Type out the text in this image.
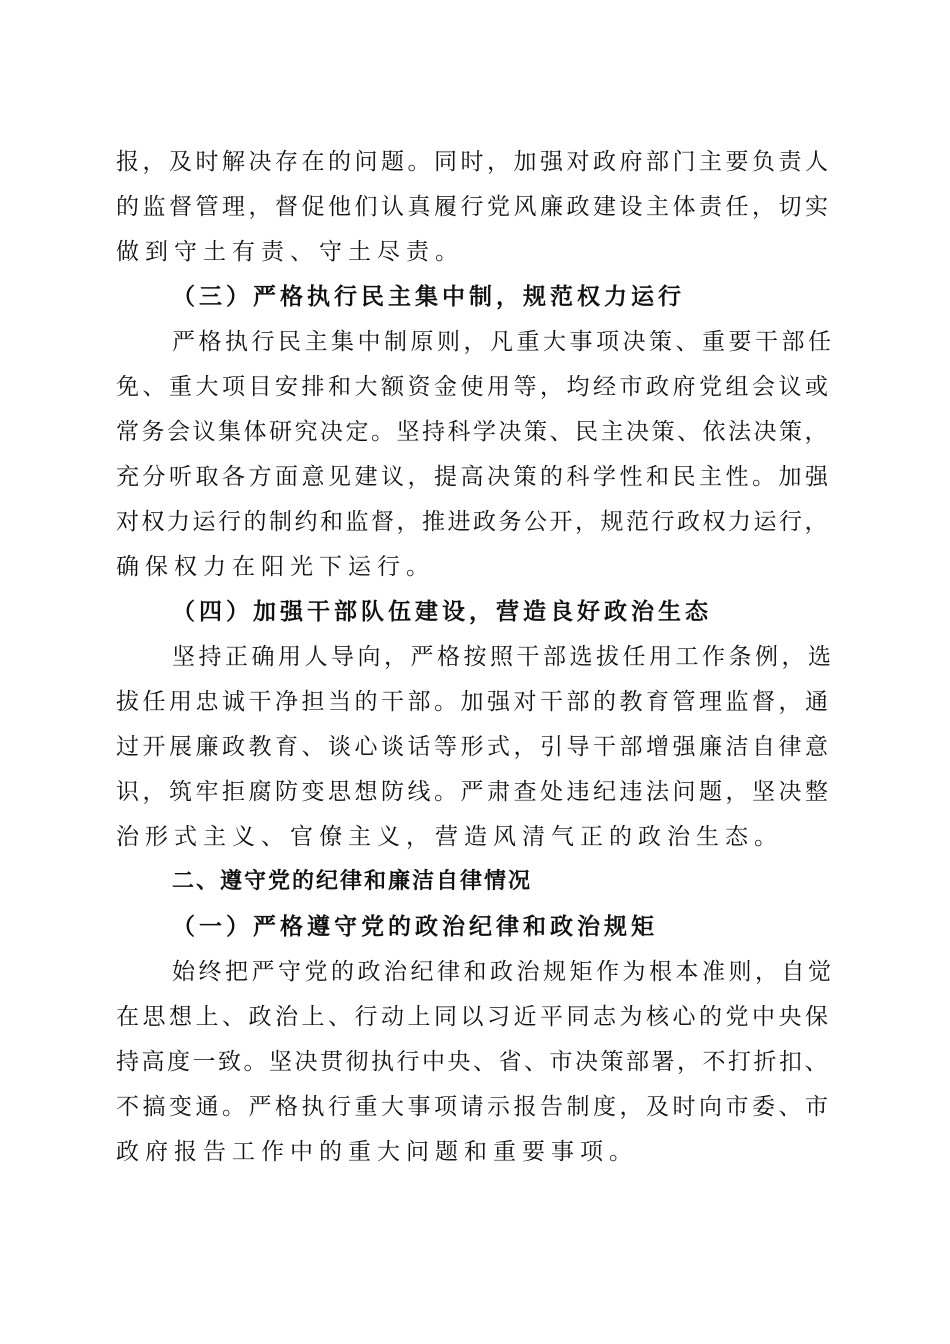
报，及时解决存在的问题。同时，加强对政府部门主要负责人
的监督管理，督促他们认真履行党风廉政建设主体责任，切实
做到守土有责、守土尽责。
（三）严格执行民主集中制，规范权力运行
严格执行民主集中制原则，凡重大事项决策、重要干部任
免、重大项目安排和大额资金使用等，均经市政府党组会议或
常务会议集体研究决定。坚持科学决策、民主决策、依法决策，
充分听取各方面意见建议，提高决策的科学性和民主性。加强
对权力运行的制约和监督，推进政务公开，规范行政权力运行，
确保权力在阳光下运行。
（四）加强干部队伍建设，营造良好政治生态
坚持正确用人导向，严格按照干部选拔任用工作条例，选
拔任用忠诚干净担当的干部。加强对干部的教育管理监督，通
过开展廉政教育、谈心谈话等形式，引导干部增强廉洁自律意
识，筑牢拒腐防变思想防线。严肃查处违纪违法问题，坚决整
治形式主义、官僚主义，营造风清气正的政治生态。
二、遵守党的纪律和廉洁自律情况
（一）严格遵守党的政治纪律和政治规矩
始终把严守党的政治纪律和政治规矩作为根本准则，自觉
在思想上、政治上、行动上同以习近平同志为核心的党中央保
持高度一致。坚决贯彻执行中央、省、市决策部署，不打折扣、
不搞变通。严格执行重大事项请示报告制度，及时向市委、市
政府报告工作中的重大问题和重要事项。
